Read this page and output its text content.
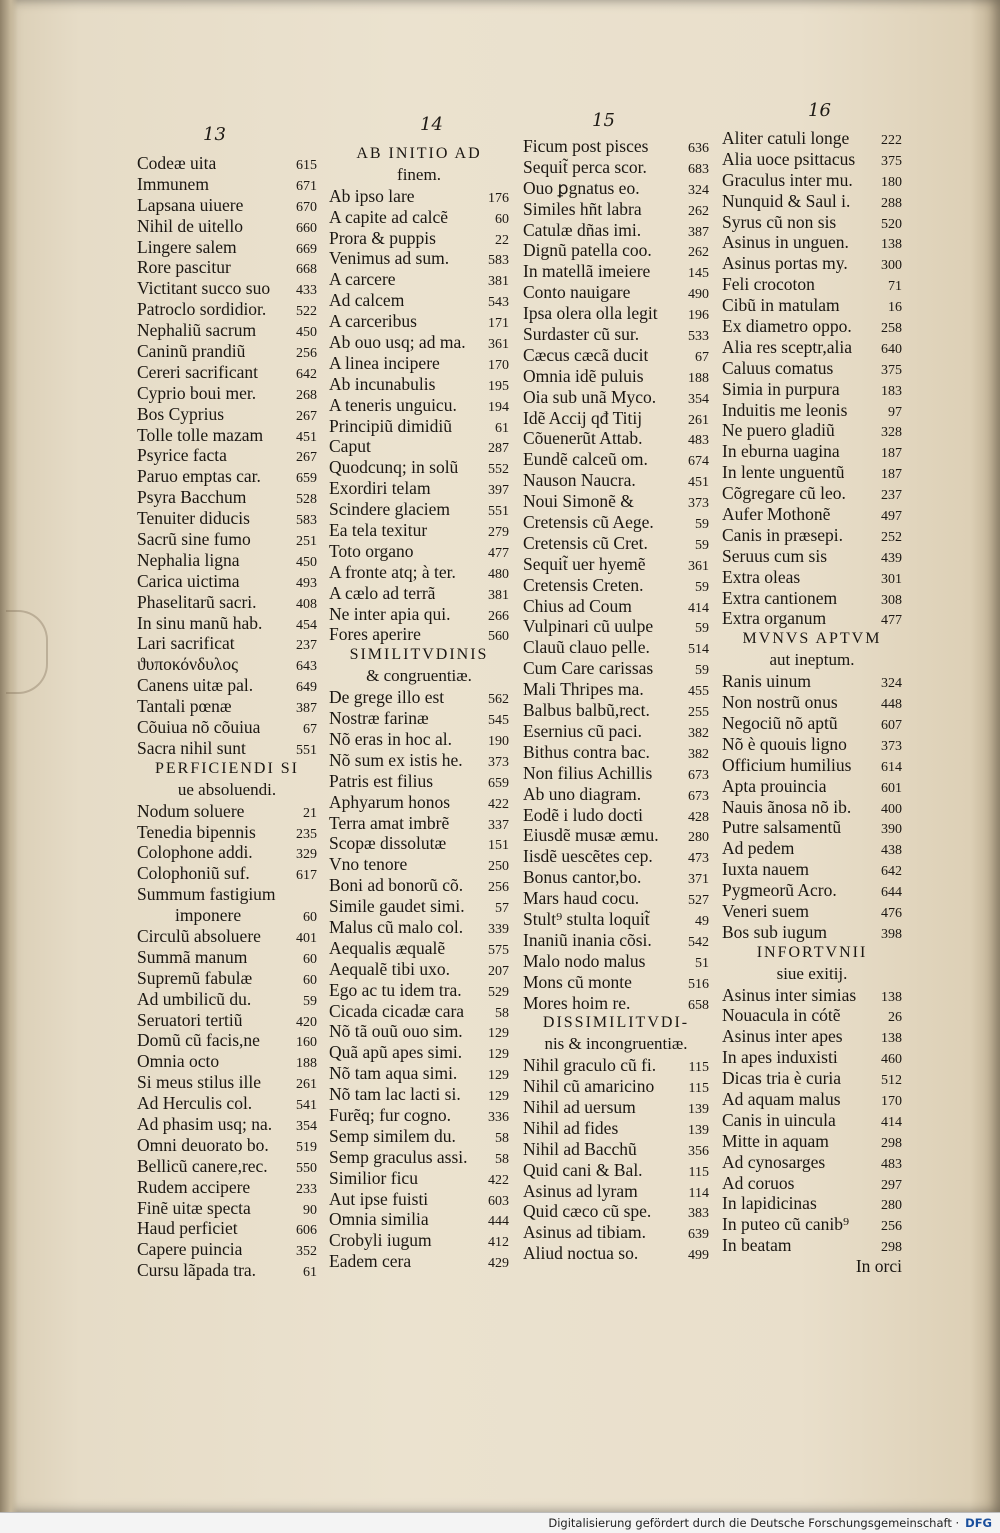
13	14	15	16
Codeæ uita	615
Immunem	671
Lapsana uiuere	670
Nihil de uitello	660
Lingere salem	669
Rore pascitur	668
Victitant succo suo 433
Patroclo sordidior. 522
Nephaliũ sacrum	450
Caninũ prandiũ	256
Cereri sacrificant	642
Cyprio boui mer.	268
Bos Cyprius	267
Tolle tolle mazam 451
Psyrice facta	267
Paruo emptas car.	659
Psyra Bacchum	528
Tenuiter diducis	583
Sacrũ sine fumo	251
Nephalia ligna	450
Carica uictima	493
Phaselitarũ sacri.	408
In sinu manũ hab. 454
Lari sacrificat	237
ϑυποκόνδυλος	643
Canens uitæ pal.	649
Tantali pœnæ	387
Cõuiua nõ cõuiua	67
Sacra nihil sunt	551
PERFICIENDI SI
ue absoluendi.
Nodum soluere	21
Tenedia bipennis	235
Colophone addi.	329
Colophoniũ suf.	617
Summum fastigium
imponere	60
Circulũ absoluere	401
Summã manum	60
Supremũ fabulæ	60
Ad umbilicũ du.	59
Seruatori tertiũ	420
Domũ cũ facis,ne	160
Omnia octo	188
Si meus stilus ille	261
Ad Herculis col.	541
Ad phasim usq; na. 354
Omni deuorato bo. 519
Bellicũ canere,rec. 550
Rudem accipere	233
Finẽ uitæ specta	90
Haud perficiet	606
Capere puincia	352
Cursu lãpada tra.	61
AB INITIO AD
finem.
Ab ipso lare	176
A capite ad calcẽ	60
Prora & puppis	22
Venimus ad sum.	583
A carcere	381
Ad calcem	543
A carceribus	171
Ab ouo usq; ad ma. 361
A linea incipere	170
Ab incunabulis	195
A teneris unguicu. 194
Principiũ dimidiũ	61
Caput	287
Quodcunq; in solũ 552
Exordiri telam	397
Scindere glaciem	551
Ea tela texitur	279
Toto organo	477
A fronte atq; à ter. 480
A cælo ad terrã	381
Ne inter apia qui.	266
Fores aperire	560
SIMILITVDINIS
& congruentiæ.
De grege illo est	562
Nostræ farinæ	545
Nõ eras in hoc al.	190
Nõ sum ex istis he. 373
Patris est filius	659
Aphyarum honos	422
Terra amat imbrẽ	337
Scopæ dissolutæ	151
Vno tenore	250
Boni ad bonorũ cõ. 256
Simile gaudet simi. 57
Malus cũ malo col. 339
Aequalis æqualẽ	575
Aequalẽ tibi uxo.	207
Ego ac tu idem tra. 529
Cicada cicadæ cara 58
Nõ tã ouũ ouo sim. 129
Quã apũ apes simi. 129
Nõ tam aqua simi. 129
Nõ tam lac lacti si. 129
Furẽq; fur cogno.	336
Semp similem du.	58
Semp graculus assi. 58
Similior ficu	422
Aut ipse fuisti	603
Omnia similia	444
Crobyli iugum	412
Eadem cera	429
Ficum post pisces	636
Sequit̃ perca scor.	683
Ouo ꝑgnatus eo.	324
Similes hñt labra	262
Catulæ dñas imi.	387
Dignũ patella coo.	262
In matellã imeiere	145
Conto nauigare	490
Ipsa olera olla legit 196
Surdaster cũ sur.	533
Cæcus cæcã ducit	67
Omnia idẽ puluis	188
Oia sub unã Myco. 354
Idẽ Accij qđ Titij	261
Cõuenerũt Attab.	483
Eundẽ calceũ om.	674
Nauson Naucra.	451
Noui Simonẽ &	373
Cretensis cũ Aege.	59
Cretensis cũ Cret.	59
Sequit̃ uer hyemẽ	361
Cretensis Creten.	59
Chius ad Coum	414
Vulpinari cũ uulpe	59
Clauũ clauo pelle.	514
Cum Care carissas	59
Mali Thripes ma.	455
Balbus balbũ,rect.	255
Esernius cũ paci.	382
Bithus contra bac.	382
Non filius Achillis	673
Ab uno diagram.	673
Eodẽ i ludo docti	428
Eiusdẽ musæ æmu. 280
Iisdẽ uescẽtes cep.	473
Bonus cantor,bo.	371
Mars haud cocu.	527
Stult⁹ stulta loquit̃	49
Inaniũ inania cõsi.	542
Malo nodo malus	51
Mons cũ monte	516
Mores hoim re.	658
DISSIMILITVDI-
nis & incongruentiæ.
Nihil graculo cũ fi. 115
Nihil cũ amaricino 115
Nihil ad uersum	139
Nihil ad fides	139
Nihil ad Bacchũ	356
Quid cani & Bal.	115
Asinus ad lyram	114
Quid cæco cũ spe.	383
Asinus ad tibiam.	639
Aliud noctua so.	499
Aliter catuli longe 222
Alia uoce psittacus 375
Graculus inter mu. 180
Nunquid & Saul i. 288
Syrus cũ non sis	520
Asinus in unguen. 138
Asinus portas my. 300
Feli crocoton	71
Cibũ in matulam	16
Ex diametro oppo. 258
Alia res sceptr,alia 640
Caluus comatus	375
Simia in purpura	183
Induitis me leonis	97
Ne puero gladiũ	328
In eburna uagina	187
In lente unguentũ	187
Cõgregare cũ leo.	237
Aufer Mothonẽ	497
Canis in præsepi.	252
Seruus cum sis	439
Extra oleas	301
Extra cantionem	308
Extra organum	477
MVNVS APTVM
aut ineptum.
Ranis uinum	324
Non nostrũ onus	448
Negociũ nõ aptũ	607
Nõ è quouis ligno 373
Officium humilius 614
Apta prouincia	601
Nauis ãnosa nõ ib. 400
Putre salsamentũ	390
Ad pedem	438
Iuxta nauem	642
Pygmeorũ Acro.	644
Veneri suem	476
Bos sub iugum	398
INFORTVNII
siue exitij.
Asinus inter simias 138
Nouacula in cótẽ	26
Asinus inter apes	138
In apes induxisti	460
Dicas tria è curia	512
Ad aquam malus	170
Canis in uincula	414
Mitte in aquam	298
Ad cynosarges	483
Ad coruos	297
In lapidicinas	280
In puteo cũ canib⁹ 256
In beatam	298
In orci
Digitalisierung gefördert durch die Deutsche Forschungsgemeinschaft · DFG
